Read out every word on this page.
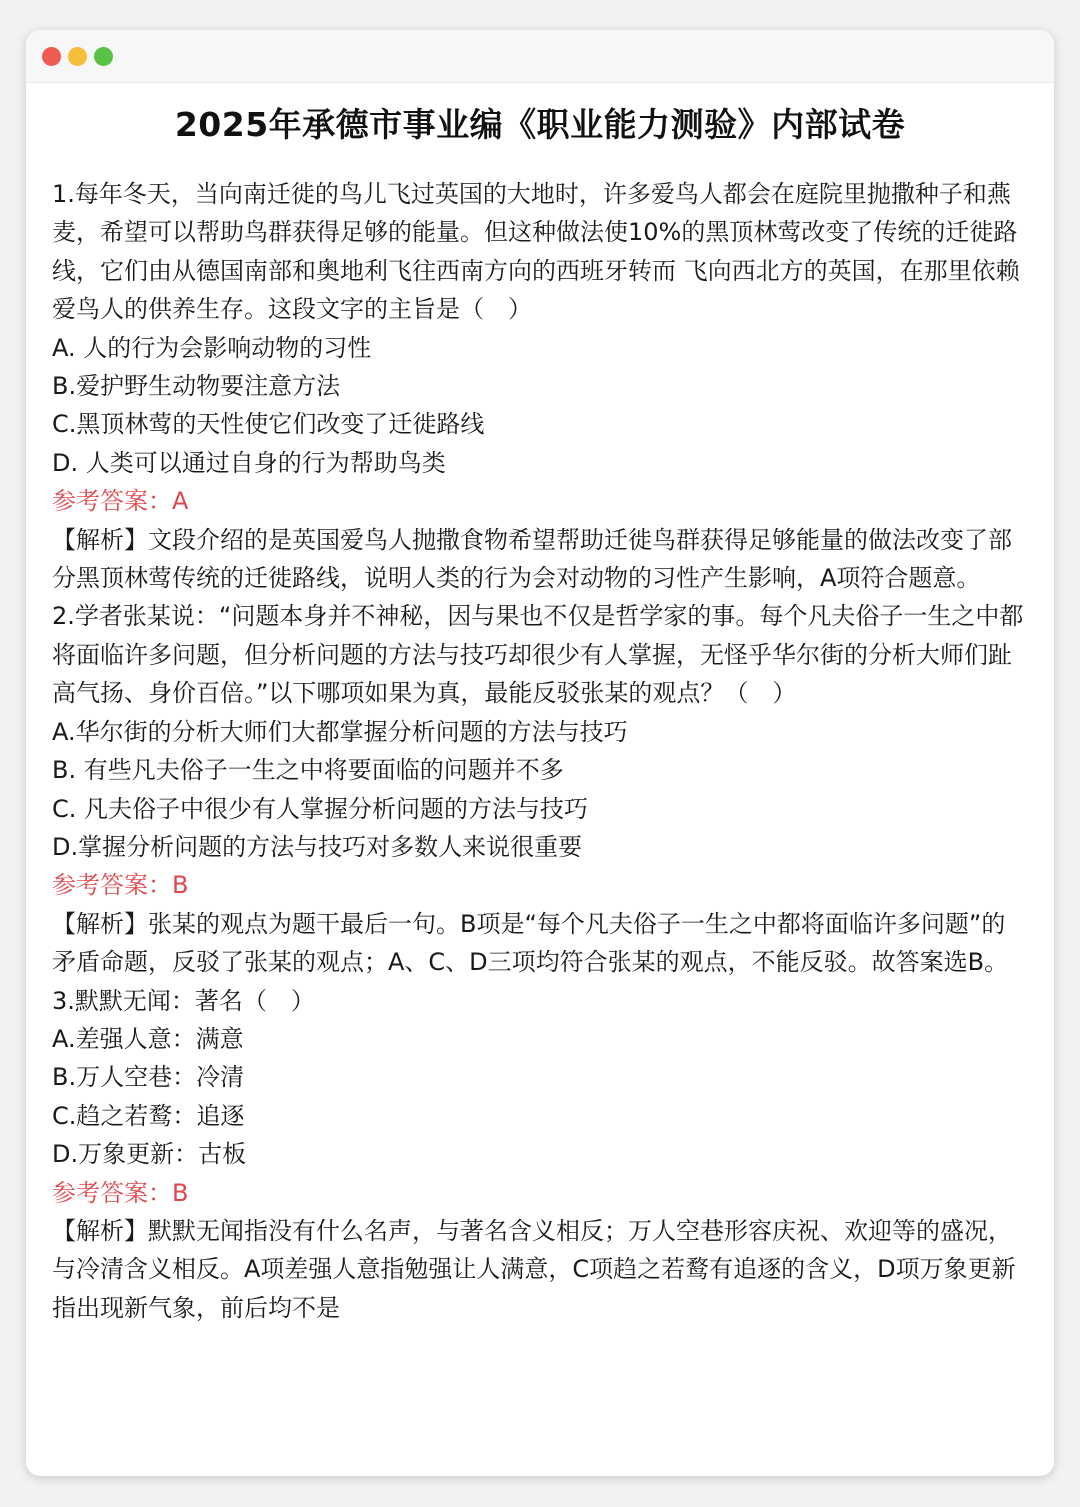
2025年承德市事业编《职业能力测验》内部试卷

1.每年冬天，当向南迁徙的鸟儿飞过英国的大地时，许多爱鸟人都会在庭院里抛撒种子和燕麦，希望可以帮助鸟群获得足够的能量。但这种做法使10%的黑顶林莺改变了传统的迁徙路线，它们由从德国南部和奥地利飞往西南方向的西班牙转而 飞向西北方的英国，在那里依赖爱鸟人的供养生存。这段文字的主旨是（　）

A. 人的行为会影响动物的习性

B.爱护野生动物要注意方法

C.黑顶林莺的天性使它们改变了迁徙路线

D. 人类可以通过自身的行为帮助鸟类

参考答案：A

【解析】文段介绍的是英国爱鸟人抛撒食物希望帮助迁徙鸟群获得足够能量的做法改变了部分黑顶林莺传统的迁徙路线，说明人类的行为会对动物的习性产生影响，A项符合题意。

2.学者张某说：“问题本身并不神秘，因与果也不仅是哲学家的事。每个凡夫俗子一生之中都将面临许多问题，但分析问题的方法与技巧却很少有人掌握，无怪乎华尔街的分析大师们趾高气扬、身价百倍。”以下哪项如果为真，最能反驳张某的观点？（　）

A.华尔街的分析大师们大都掌握分析问题的方法与技巧

B. 有些凡夫俗子一生之中将要面临的问题并不多

C. 凡夫俗子中很少有人掌握分析问题的方法与技巧

D.掌握分析问题的方法与技巧对多数人来说很重要

参考答案：B

【解析】张某的观点为题干最后一句。B项是“每个凡夫俗子一生之中都将面临许多问题”的矛盾命题，反驳了张某的观点；A、C、D三项均符合张某的观点，不能反驳。故答案选B。

3.默默无闻：著名（　）

A.差强人意：满意

B.万人空巷：冷清

C.趋之若鹜：追逐

D.万象更新：古板

参考答案：B

【解析】默默无闻指没有什么名声，与著名含义相反；万人空巷形容庆祝、欢迎等的盛况，与冷清含义相反。A项差强人意指勉强让人满意，C项趋之若鹜有追逐的含义，D项万象更新指出现新气象，前后均不是
